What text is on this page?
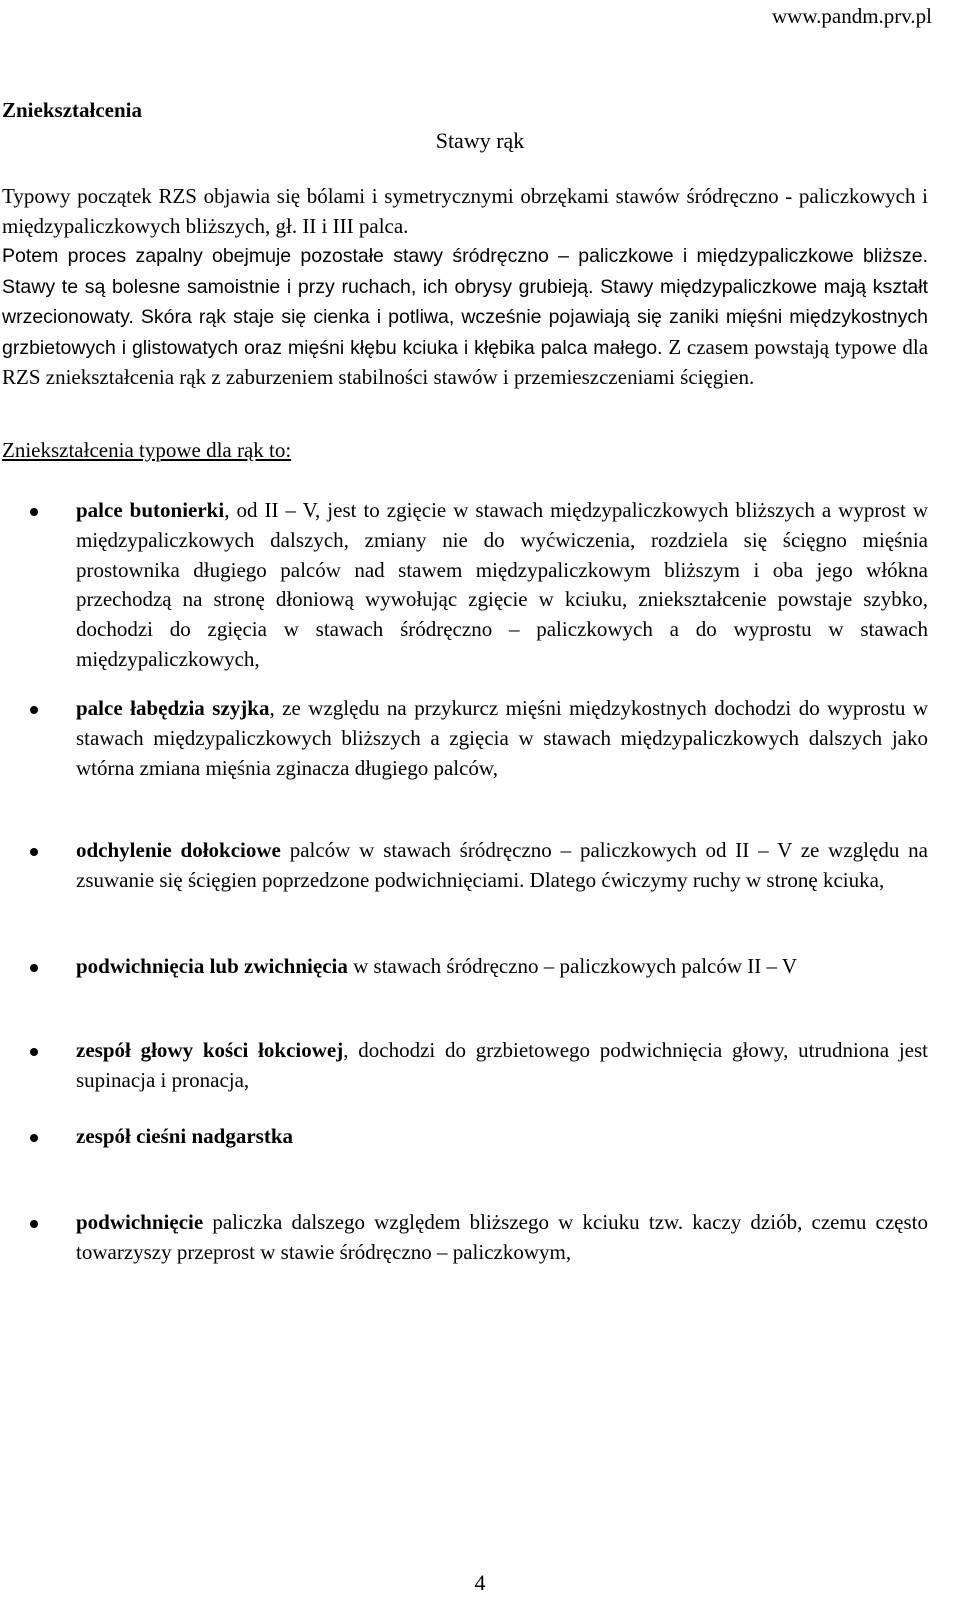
www.pandm.prv.pl
Zniekształcenia
Stawy rąk

Typowy początek RZS objawia się bólami i symetrycznymi obrzękami stawów śródręczno - paliczkowych i międzypaliczkowych bliższych, gł. II i III palca.

Potem proces zapalny obejmuje pozostałe stawy śródręczno – paliczkowe i międzypaliczkowe bliższe. Stawy te są bolesne samoistnie i przy ruchach, ich obrysy grubieją. Stawy międzypaliczkowe mają kształt wrzecionowaty. Skóra rąk staje się cienka i potliwa, wcześnie pojawiają się zaniki mięśni międzykostnych grzbietowych i glistowatych oraz mięśni kłębu kciuka i kłębika palca małego. Z czasem powstają typowe dla RZS zniekształcenia rąk z zaburzeniem stabilności stawów i przemieszczeniami ścięgien.

Zniekształcenia typowe dla rąk to:
palce butonierki, od II – V, jest to zgięcie w stawach międzypaliczkowych bliższych a wyprost w międzypaliczkowych dalszych, zmiany nie do wyćwiczenia, rozdziela się ścięgno mięśnia prostownika długiego palców nad stawem międzypaliczkowym bliższym i oba jego włókna przechodzą na stronę dłoniową wywołując zgięcie w kciuku, zniekształcenie powstaje szybko, dochodzi do zgięcia w stawach śródręczno – paliczkowych a do wyprostu w stawach międzypaliczkowych,
palce łabędzia szyjka, ze względu na przykurcz mięśni międzykostnych dochodzi do wyprostu w stawach międzypaliczkowych bliższych a zgięcia w stawach międzypaliczkowych dalszych jako wtórna zmiana mięśnia zginacza długiego palców,
odchylenie dołokciowe palców w stawach śródręczno – paliczkowych od II – V ze względu na zsuwanie się ścięgien poprzedzone podwichnięciami. Dlatego ćwiczymy ruchy w stronę kciuka,
podwichnięcia lub zwichnięcia w stawach śródręczno – paliczkowych palców II – V
zespół głowy kości łokciowej, dochodzi do grzbietowego podwichnięcia głowy, utrudniona jest supinacja i pronacja,
zespół cieśni nadgarstka
podwichnięcie paliczka dalszego względem bliższego w kciuku tzw. kaczy dziób, czemu często towarzyszy przeprost w stawie śródręczno – paliczkowym,
4
